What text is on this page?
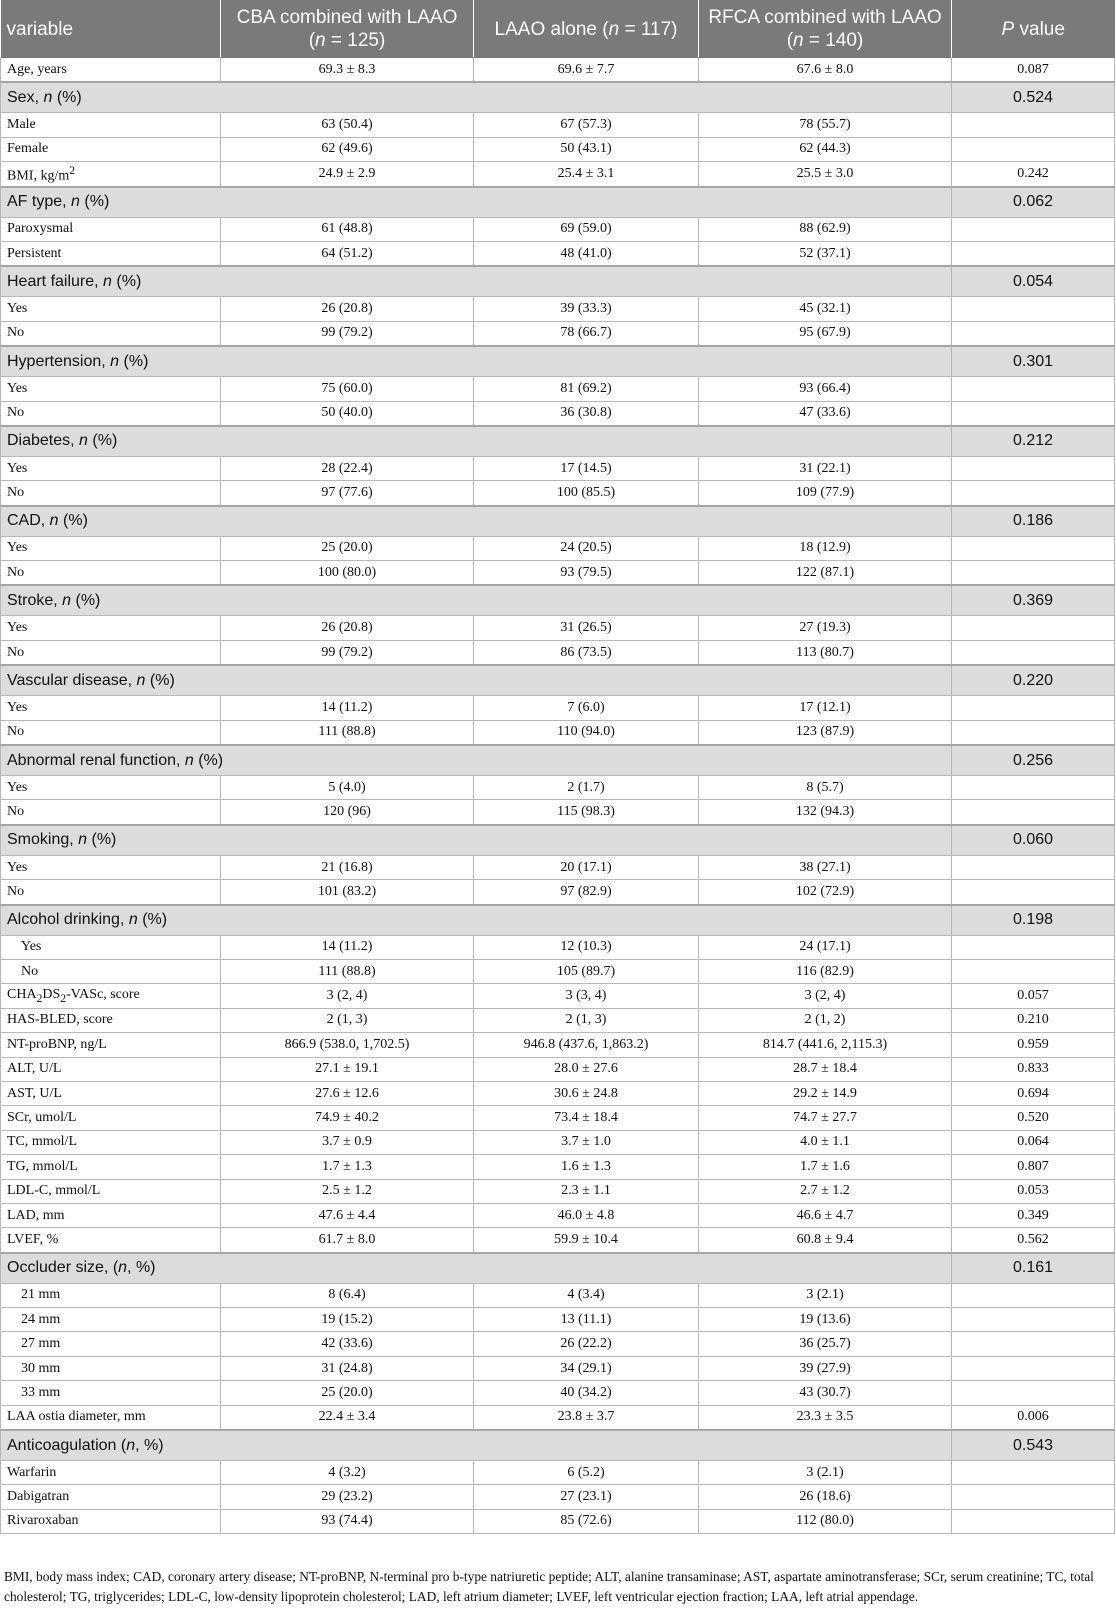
variable	CBA combined with LAAO (n = 125)	LAAO alone (n = 117)	RFCA combined with LAAO (n = 140)	P value
Age, years	69.3 ± 8.3	69.6 ± 7.7	67.6 ± 8.0	0.087
Sex, n (%)				0.524
Male	63 (50.4)	67 (57.3)	78 (55.7)	
Female	62 (49.6)	50 (43.1)	62 (44.3)	
BMI, $kg/m^2$	24.9 ± 2.9	25.4 ± 3.1	25.5 ± 3.0	0.242
AF type, n (%)				0.062
Paroxysmal	61 (48.8)	69 (59.0)	88 (62.9)	
Persistent	64 (51.2)	48 (41.0)	52 (37.1)	
Heart failure, n (%)				0.054
Yes	26 (20.8)	39 (33.3)	45 (32.1)	
No	99 (79.2)	78 (66.7)	95 (67.9)	
Hypertension, n (%)				0.301
Yes	75 (60.0)	81 (69.2)	93 (66.4)	
No	50 (40.0)	36 (30.8)	47 (33.6)	
Diabetes, n (%)				0.212
Yes	28 (22.4)	17 (14.5)	31 (22.1)	
No	97 (77.6)	100 (85.5)	109 (77.9)	
CAD, n (%)				0.186
Yes	25 (20.0)	24 (20.5)	18 (12.9)	
No	100 (80.0)	93 (79.5)	122 (87.1)	
Stroke, n (%)				0.369
Yes	26 (20.8)	31 (26.5)	27 (19.3)	
No	99 (79.2)	86 (73.5)	113 (80.7)	
Vascular disease, n (%)				0.220
Yes	14 (11.2)	7 (6.0)	17 (12.1)	
No	111 (88.8)	110 (94.0)	123 (87.9)	
Abnormal renal function, n (%)				0.256
Yes	5 (4.0)	2 (1.7)	8 (5.7)	
No	120 (96)	115 (98.3)	132 (94.3)	
Smoking, n (%)				0.060
Yes	21 (16.8)	20 (17.1)	38 (27.1)	
No	101 (83.2)	97 (82.9)	102 (72.9)	
Alcohol drinking, n (%)				0.198
Yes	14 (11.2)	12 (10.3)	24 (17.1)	
No	111 (88.8)	105 (89.7)	116 (82.9)	
$CHA_2DS_2$-VASc, score	3 (2, 4)	3 (3, 4)	3 (2, 4)	0.057
HAS-BLED, score	2 (1, 3)	2 (1, 3)	2 (1, 2)	0.210
NT-proBNP, ng/L	866.9 (538.0, 1,702.5)	946.8 (437.6, 1,863.2)	814.7 (441.6, 2,115.3)	0.959
ALT, U/L	27.1 ± 19.1	28.0 ± 27.6	28.7 ± 18.4	0.833
AST, U/L	27.6 ± 12.6	30.6 ± 24.8	29.2 ± 14.9	0.694
SCr, umol/L	74.9 ± 40.2	73.4 ± 18.4	74.7 ± 27.7	0.520
TC, mmol/L	3.7 ± 0.9	3.7 ± 1.0	4.0 ± 1.1	0.064
TG, mmol/L	1.7 ± 1.3	1.6 ± 1.3	1.7 ± 1.6	0.807
LDL-C, mmol/L	2.5 ± 1.2	2.3 ± 1.1	2.7 ± 1.2	0.053
LAD, mm	47.6 ± 4.4	46.0 ± 4.8	46.6 ± 4.7	0.349
LVEF, %	61.7 ± 8.0	59.9 ± 10.4	60.8 ± 9.4	0.562
Occluder size, (n, %)				0.161
21 mm	8 (6.4)	4 (3.4)	3 (2.1)	
24 mm	19 (15.2)	13 (11.1)	19 (13.6)	
27 mm	42 (33.6)	26 (22.2)	36 (25.7)	
30 mm	31 (24.8)	34 (29.1)	39 (27.9)	
33 mm	25 (20.0)	40 (34.2)	43 (30.7)	
LAA ostia diameter, mm	22.4 ± 3.4	23.8 ± 3.7	23.3 ± 3.5	0.006
Anticoagulation (n, %)				0.543
Warfarin	4 (3.2)	6 (5.2)	3 (2.1)	
Dabigatran	29 (23.2)	27 (23.1)	26 (18.6)	
Rivaroxaban	93 (74.4)	85 (72.6)	112 (80.0)	
BMI, body mass index; CAD, coronary artery disease; NT-proBNP, N-terminal pro b-type natriuretic peptide; ALT, alanine transaminase; AST, aspartate aminotransferase; SCr, serum creatinine; TC, total cholesterol; TG, triglycerides; LDL-C, low-density lipoprotein cholesterol; LAD, left atrium diameter; LVEF, left ventricular ejection fraction; LAA, left atrial appendage.
